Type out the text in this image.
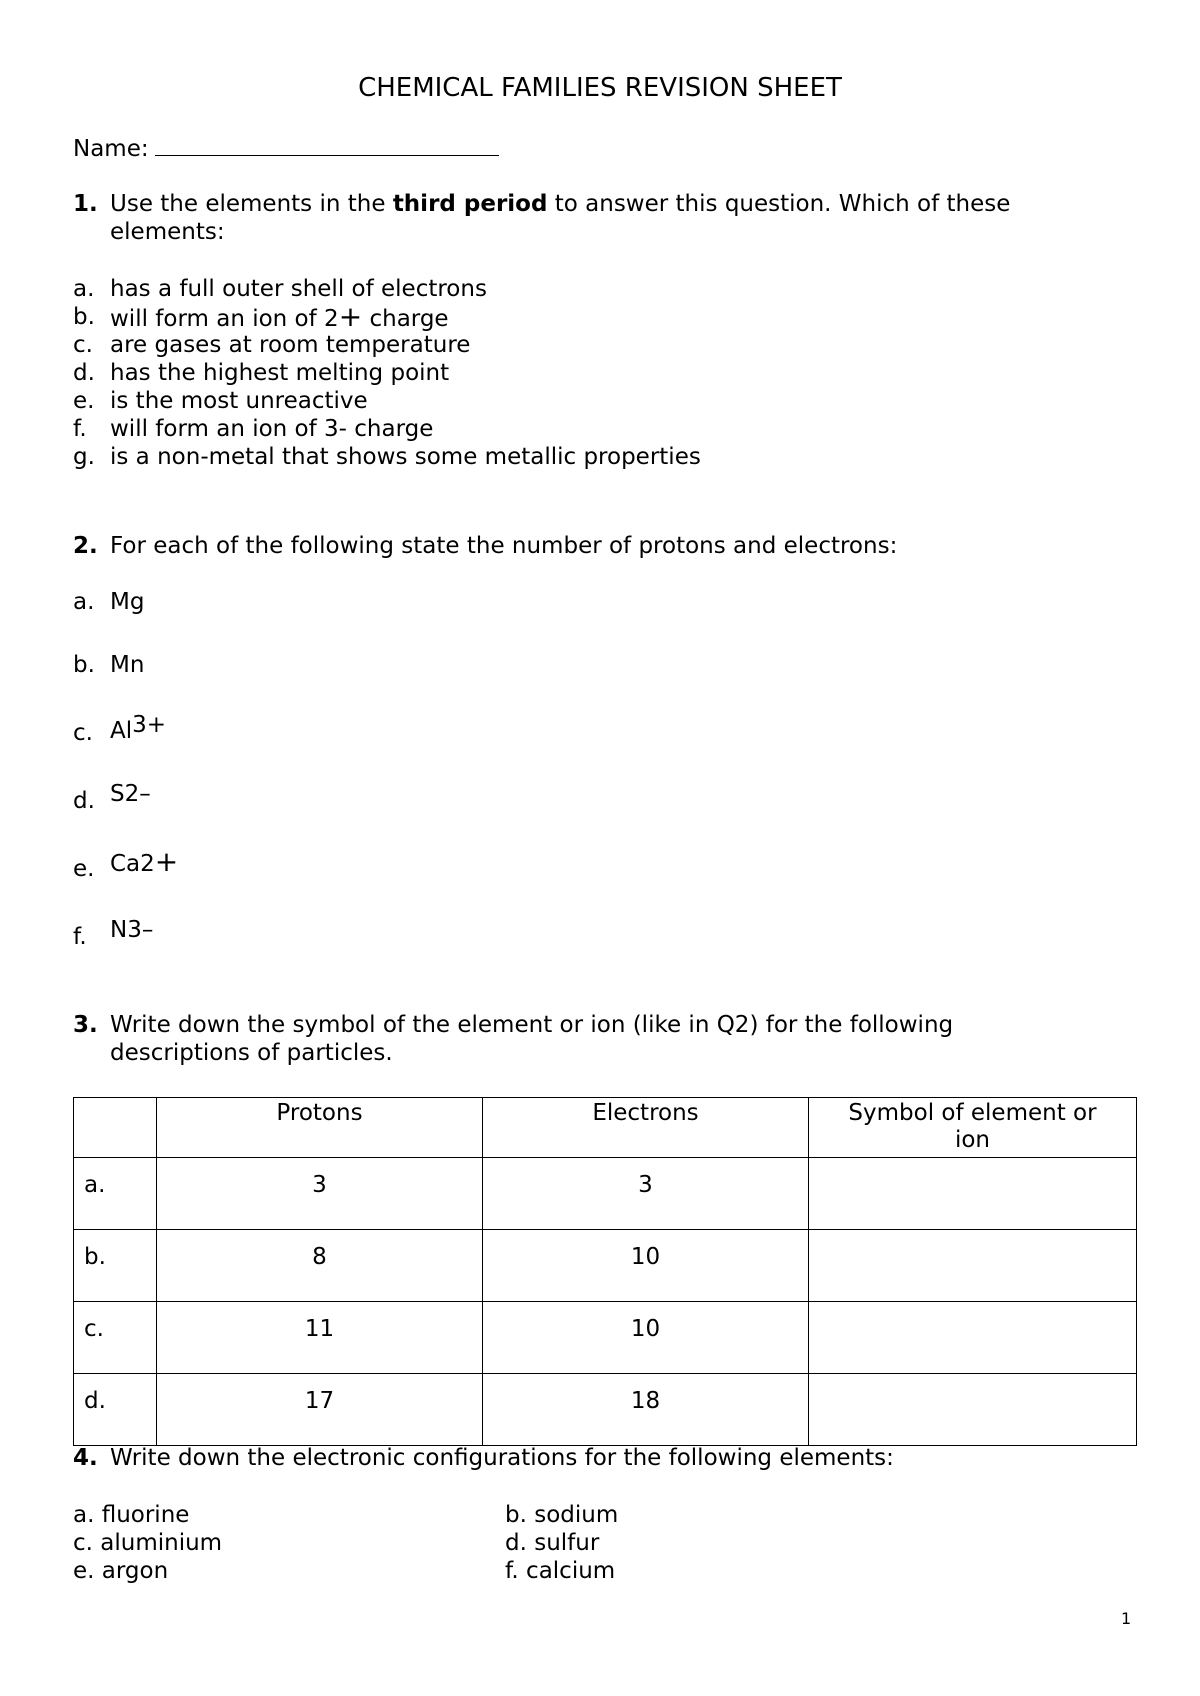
CHEMICAL FAMILIES REVISION SHEET
Name:
1. Use the elements in the third period to answer this question. Which of these
elements:
a. has a full outer shell of electrons
b. will form an ion of 2+ charge
c. are gases at room temperature
d. has the highest melting point
e. is the most unreactive
f. will form an ion of 3- charge
g. is a non-metal that shows some metallic properties
2. For each of the following state the number of protons and electrons:
a. Mg
b. Mn
c. Al3+
d. S2–
e. Ca2+
f. N3–
3. Write down the symbol of the element or ion (like in Q2) for the following
descriptions of particles.
	Protons	Electrons	Symbol of element or ion
a.	3	3	
b.	8	10	
c.	11	10	
d.	17	18	
4. Write down the electronic configurations for the following elements:
a. fluorine	b. sodium
c. aluminium	d. sulfur
e. argon	f. calcium
1
